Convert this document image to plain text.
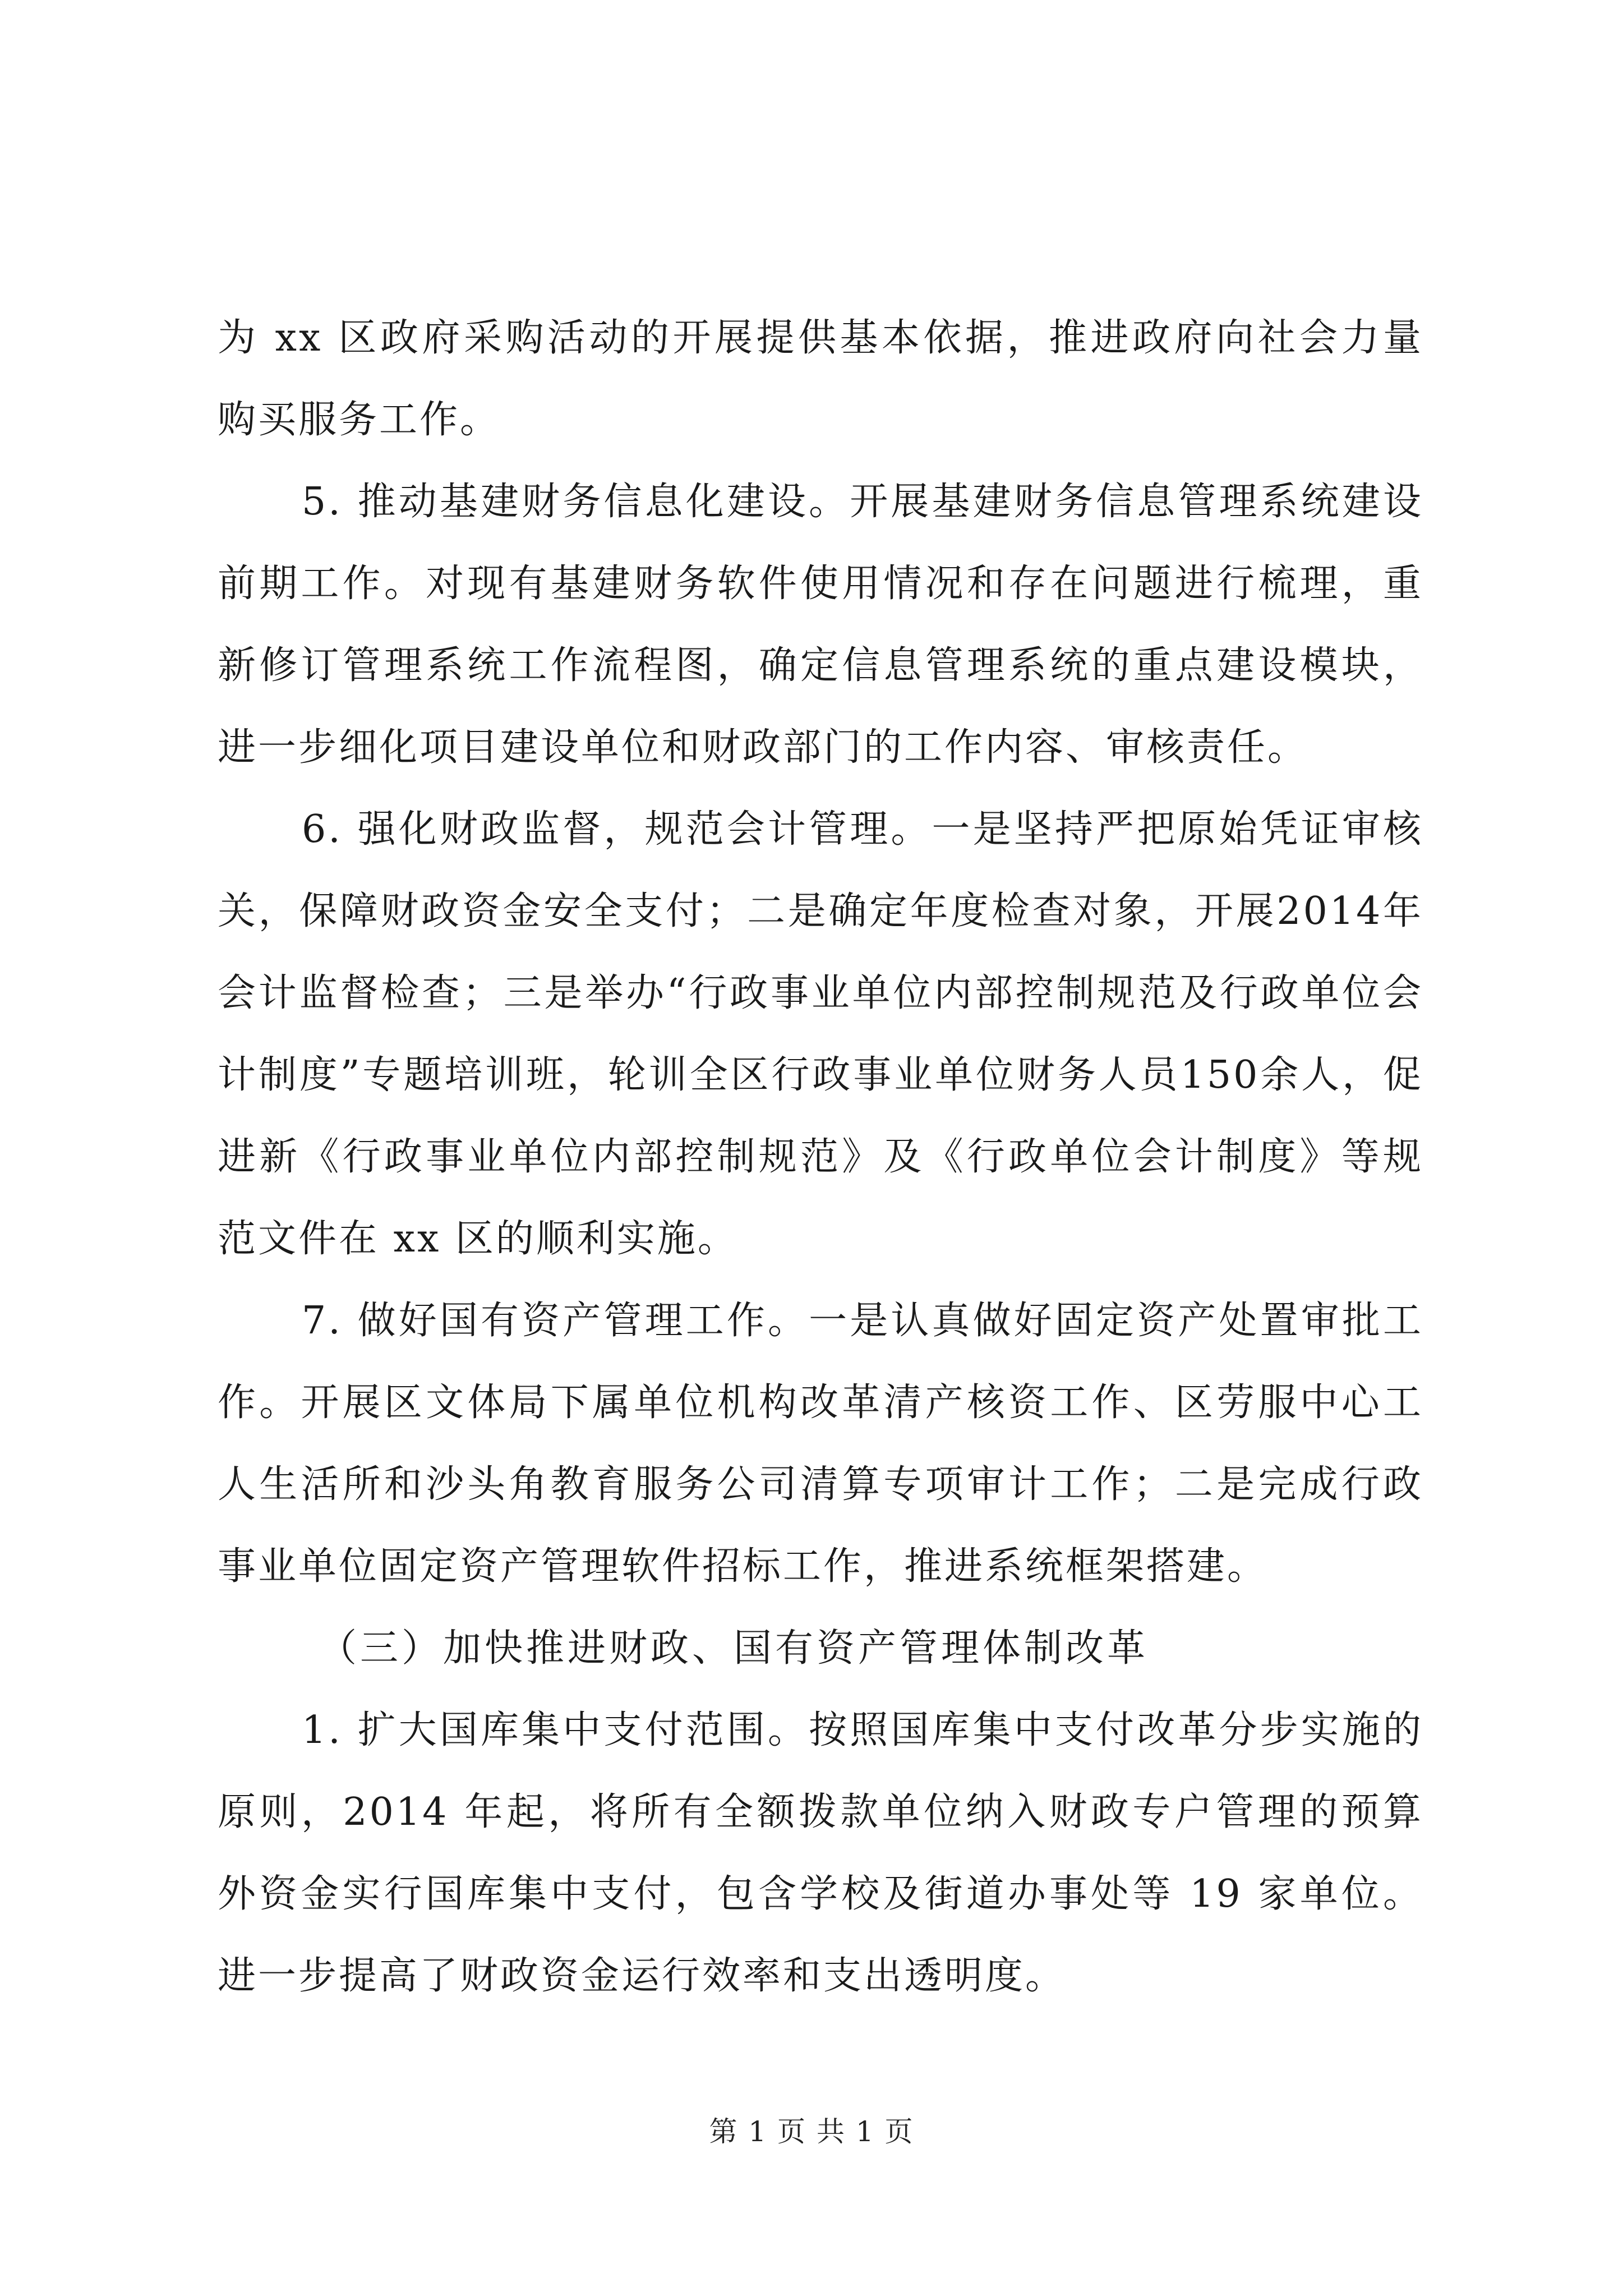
为 xx 区政府采购活动的开展提供基本依据，推进政府向社会力量购买服务工作。

5. 推动基建财务信息化建设。开展基建财务信息管理系统建设前期工作。对现有基建财务软件使用情况和存在问题进行梳理，重新修订管理系统工作流程图，确定信息管理系统的重点建设模块，进一步细化项目建设单位和财政部门的工作内容、审核责任。

6. 强化财政监督，规范会计管理。一是坚持严把原始凭证审核关，保障财政资金安全支付；二是确定年度检查对象，开展2014年会计监督检查；三是举办“行政事业单位内部控制规范及行政单位会计制度”专题培训班，轮训全区行政事业单位财务人员150余人，促进新《行政事业单位内部控制规范》及《行政单位会计制度》等规范文件在 xx 区的顺利实施。

7. 做好国有资产管理工作。一是认真做好固定资产处置审批工作。开展区文体局下属单位机构改革清产核资工作、区劳服中心工人生活所和沙头角教育服务公司清算专项审计工作；二是完成行政事业单位固定资产管理软件招标工作，推进系统框架搭建。

（三）加快推进财政、国有资产管理体制改革

1. 扩大国库集中支付范围。按照国库集中支付改革分步实施的原则，2014 年起，将所有全额拨款单位纳入财政专户管理的预算外资金实行国库集中支付，包含学校及街道办事处等 19 家单位。进一步提高了财政资金运行效率和支出透明度。

第 1 页 共 1 页
